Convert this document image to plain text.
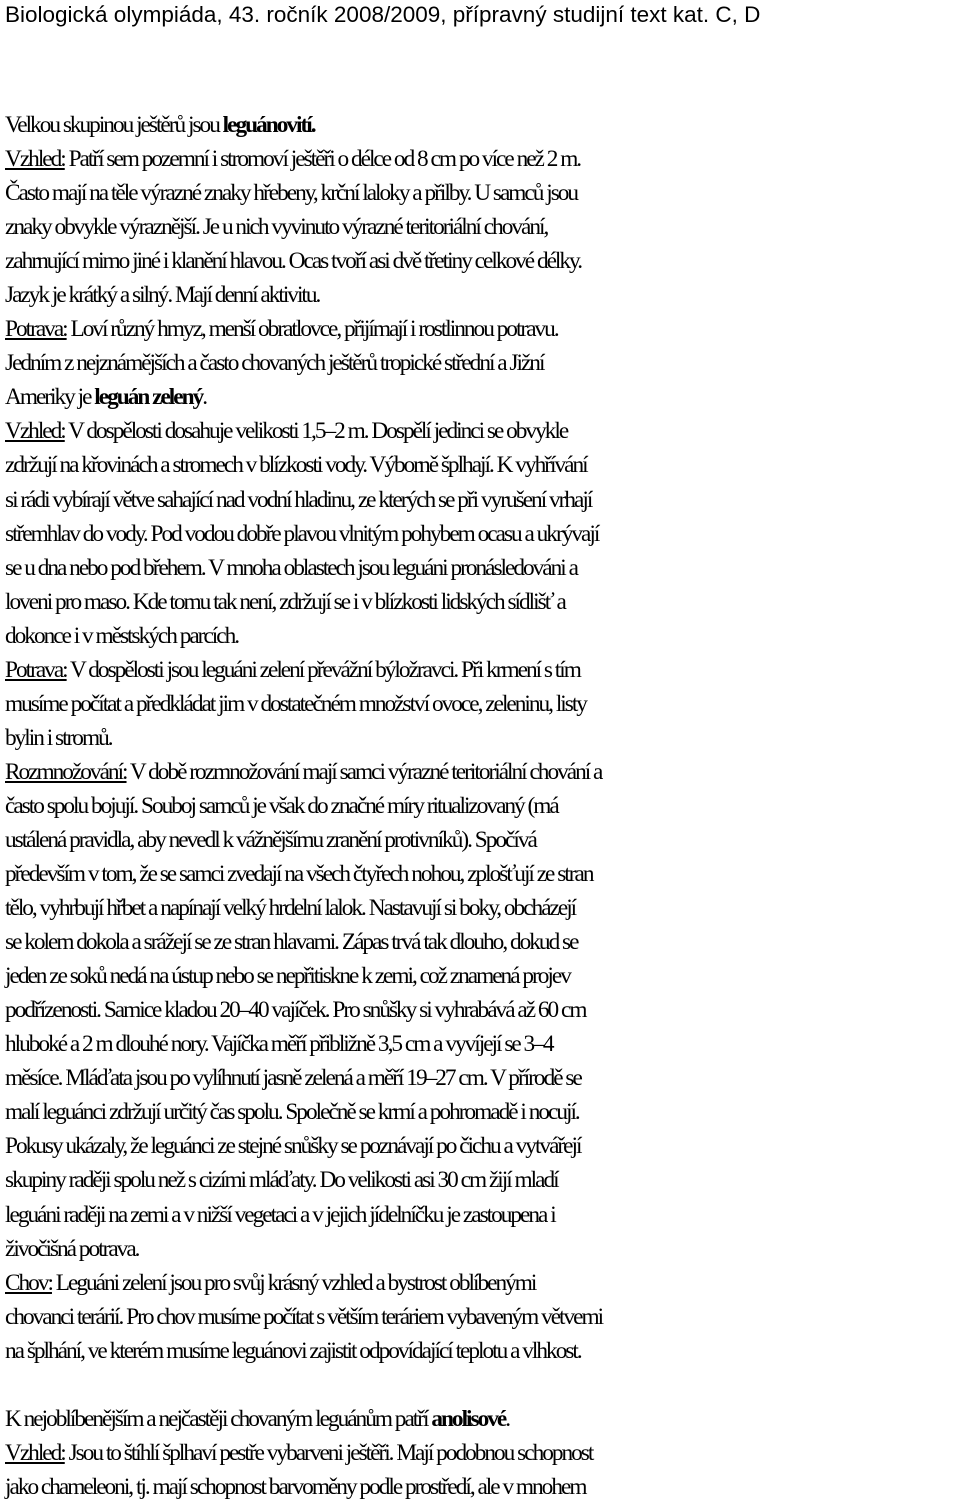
Biologická olympiáda, 43. ročník 2008/2009, přípravný studijní text kat. C, D

Velkou skupinou ještěrů jsou leguánovití.

Vzhled: Patří sem pozemní i stromoví ještěři o délce od 8 cm po více než 2 m.

Často mají na těle výrazné znaky hřebeny, krční laloky a přilby. U samců jsou

znaky obvykle výraznější. Je u nich vyvinuto výrazné teritoriální chování,

zahrnující mimo jiné i klanění hlavou. Ocas tvoří asi dvě třetiny celkové délky.

Jazyk je krátký a silný. Mají denní aktivitu.

Potrava: Loví různý hmyz, menší obratlovce, přijímají i rostlinnou potravu.

Jedním z nejznámějších a často chovaných ještěrů tropické střední a Jižní

Ameriky je leguán zelený.

Vzhled: V dospělosti dosahuje velikosti 1,5–2 m. Dospělí jedinci se obvykle

zdržují na křovinách a stromech v blízkosti vody. Výborně šplhají. K vyhřívání

si rádi vybírají větve sahající nad vodní hladinu, ze kterých se při vyrušení vrhají

střemhlav do vody. Pod vodou dobře plavou vlnitým pohybem ocasu a ukrývají

se u dna nebo pod břehem. V mnoha oblastech jsou leguáni pronásledováni a

loveni pro maso. Kde tomu tak není, zdržují se i v blízkosti lidských sídlišť a

dokonce i v městských parcích.

Potrava: V dospělosti jsou leguáni zelení převážní býložravci. Při krmení s tím

musíme počítat a předkládat jim v dostatečném množství ovoce, zeleninu, listy

bylin i stromů.

Rozmnožování: V době rozmnožování mají samci výrazné teritoriální chování a

často spolu bojují. Souboj samců je však do značné míry ritualizovaný (má

ustálená pravidla, aby nevedl k vážnějšímu zranění protivníků). Spočívá

především v tom, že se samci zvedají na všech čtyřech nohou, zplošťují ze stran

tělo, vyhrbují hřbet a napínají velký hrdelní lalok. Nastavují si boky, obcházejí

se kolem dokola a srážejí se ze stran hlavami. Zápas trvá tak dlouho, dokud se

jeden ze soků nedá na ústup nebo se nepřitiskne k zemi, což znamená projev

podřízenosti. Samice kladou 20–40 vajíček. Pro snůšky si vyhrabává až 60 cm

hluboké a 2 m dlouhé nory. Vajíčka měří přibližně 3,5 cm a vyvíjejí se 3–4

měsíce. Mláďata jsou po vylíhnutí jasně zelená a měří 19–27 cm. V přírodě se

malí leguánci zdržují určitý čas spolu. Společně se krmí a pohromadě i nocují.

Pokusy ukázaly, že leguánci ze stejné snůšky se poznávají po čichu a vytvářejí

skupiny raději spolu než s cizími mláďaty. Do velikosti asi 30 cm žijí mladí

leguáni raději na zemi a v nižší vegetaci a v jejich jídelníčku je zastoupena i

živočišná potrava.

Chov: Leguáni zelení jsou pro svůj krásný vzhled a bystrost oblíbenými

chovanci terárií. Pro chov musíme počítat s větším teráriem vybaveným větvemi

na šplhání, ve kterém musíme leguánovi zajistit odpovídající teplotu a vlhkost.

K nejoblíbenějším a nejčastěji chovaným leguánům patří anolisové.

Vzhled: Jsou to štíhlí šplhaví pestře vybarveni ještěři. Mají podobnou schopnost

jako chameleoni, tj. mají schopnost barvoměny podle prostředí, ale v mnohem
